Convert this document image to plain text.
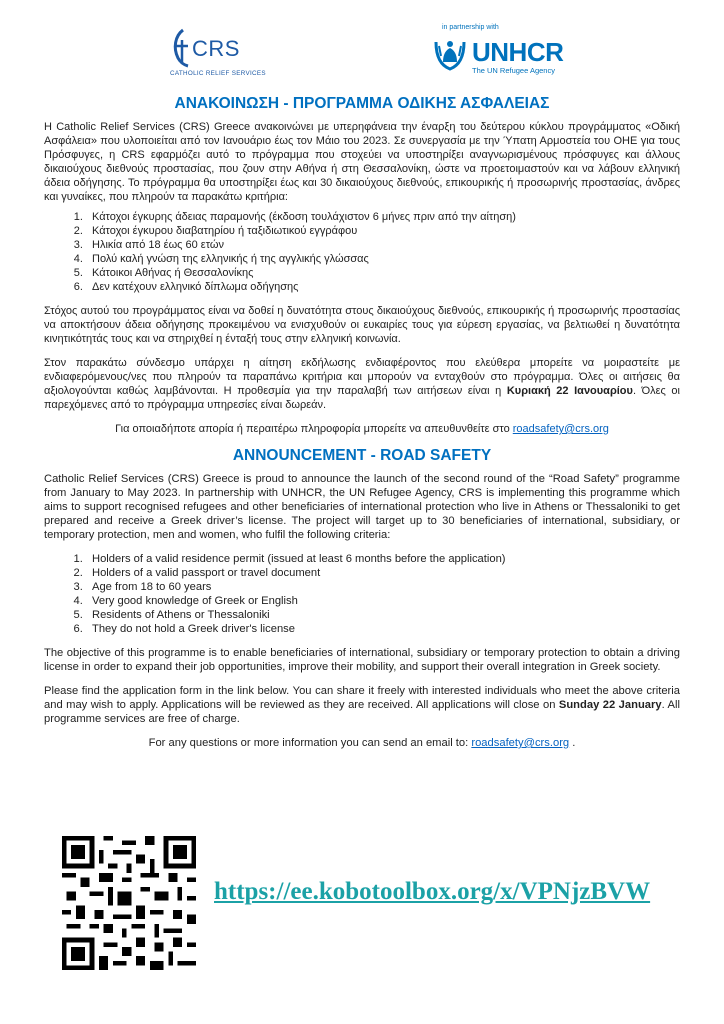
CRS
CATHOLIC RELIEF SERVICES
in partnership with
UNHCR
The UN Refugee Agency
ΑΝΑΚΟΙΝΩΣΗ - ΠΡΟΓΡΑΜΜΑ ΟΔΙΚΗΣ ΑΣΦΑΛΕΙΑΣ

Η Catholic Relief Services (CRS) Greece ανακοινώνει με υπερηφάνεια την έναρξη του δεύτερου κύκλου προγράμματος «Οδική Ασφάλεια» που υλοποιείται από τον Ιανουάριο έως τον Μάιο του 2023. Σε συνεργασία με την Ύπατη Αρμοστεία του ΟΗΕ για τους Πρόσφυγες, η CRS εφαρμόζει αυτό το πρόγραμμα που στοχεύει να υποστηρίξει αναγνωρισμένους πρόσφυγες και άλλους δικαιούχους διεθνούς προστασίας, που ζουν στην Αθήνα ή στη Θεσσαλονίκη, ώστε να προετοιμαστούν και να λάβουν ελληνική άδεια οδήγησης. Το πρόγραμμα θα υποστηρίξει έως και 30 δικαιούχους διεθνούς, επικουρικής ή προσωρινής προστασίας, άνδρες και γυναίκες, που πληρούν τα παρακάτω κριτήρια:

1. Κάτοχοι έγκυρης άδειας παραμονής (έκδοση τουλάχιστον 6 μήνες πριν από την αίτηση)
2. Κάτοχοι έγκυρου διαβατηρίου ή ταξιδιωτικού εγγράφου
3. Ηλικία από 18 έως 60 ετών
4. Πολύ καλή γνώση της ελληνικής ή της αγγλικής γλώσσας
5. Κάτοικοι Αθήνας ή Θεσσαλονίκης
6. Δεν κατέχουν ελληνικό δίπλωμα οδήγησης

Στόχος αυτού του προγράμματος είναι να δοθεί η δυνατότητα στους δικαιούχους διεθνούς, επικουρικής ή προσωρινής προστασίας να αποκτήσουν άδεια οδήγησης προκειμένου να ενισχυθούν οι ευκαιρίες τους για εύρεση εργασίας, να βελτιωθεί η δυνατότητα κινητικότητάς τους και να στηριχθεί η ένταξή τους στην ελληνική κοινωνία.

Στον παρακάτω σύνδεσμο υπάρχει η αίτηση εκδήλωσης ενδιαφέροντος που ελεύθερα μπορείτε να μοιραστείτε με ενδιαφερόμενους/νες που πληρούν τα παραπάνω κριτήρια και μπορούν να ενταχθούν στο πρόγραμμα. Όλες οι αιτήσεις θα αξιολογούνται καθώς λαμβάνονται. Η προθεσμία για την παραλαβή των αιτήσεων είναι η Κυριακή 22 Ιανουαρίου. Όλες οι παρεχόμενες από το πρόγραμμα υπηρεσίες είναι δωρεάν.

Για οποιαδήποτε απορία ή περαιτέρω πληροφορία μπορείτε να απευθυνθείτε στο roadsafety@crs.org

ANNOUNCEMENT - ROAD SAFETY

Catholic Relief Services (CRS) Greece is proud to announce the launch of the second round of the “Road Safety” programme from January to May 2023. In partnership with UNHCR, the UN Refugee Agency, CRS is implementing this programme which aims to support recognised refugees and other beneficiaries of international protection who live in Athens or Thessaloniki to get prepared and receive a Greek driver’s license. The project will target up to 30 beneficiaries of international, subsidiary, or temporary protection, men and women, who fulfil the following criteria:

1. Holders of a valid residence permit (issued at least 6 months before the application)
2. Holders of a valid passport or travel document
3. Age from 18 to 60 years
4. Very good knowledge of Greek or English
5. Residents of Athens or Thessaloniki
6. They do not hold a Greek driver's license

The objective of this programme is to enable beneficiaries of international, subsidiary or temporary protection to obtain a driving license in order to expand their job opportunities, improve their mobility, and support their overall integration in Greek society.

Please find the application form in the link below. You can share it freely with interested individuals who meet the above criteria and may wish to apply. Applications will be reviewed as they are received. All applications will close on Sunday 22 January. All programme services are free of charge.

For any questions or more information you can send an email to: roadsafety@crs.org .

https://ee.kobotoolbox.org/x/VPNjzBVW
